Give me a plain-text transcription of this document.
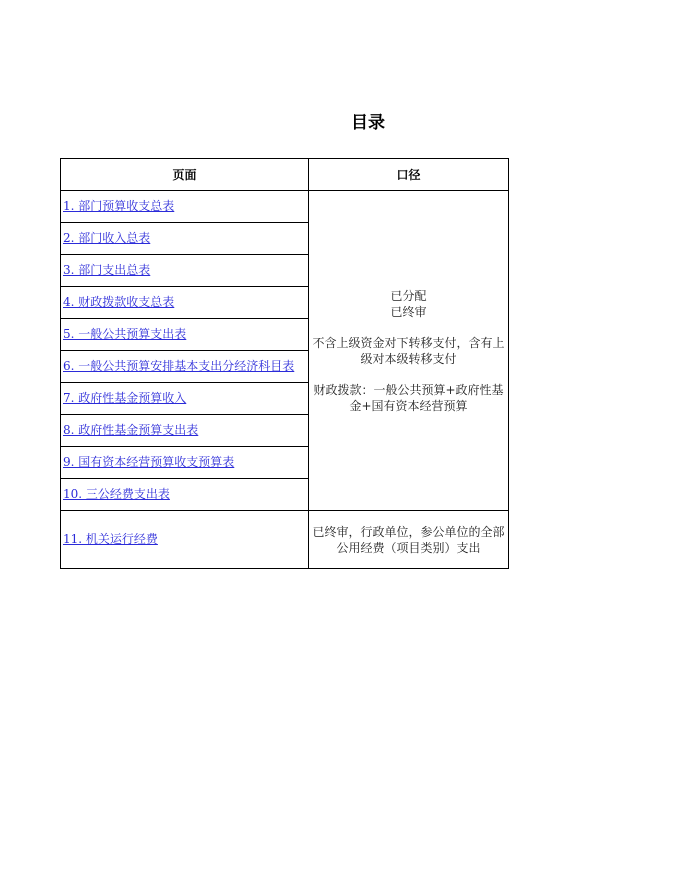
目录
页面	口径
1. 部门预算收支总表	已分配
已终审
不含上级资金对下转移支付，含有上级对本级转移支付
财政拨款：一般公共预算+政府性基金+国有资本经营预算

2. 部门收入总表	
3. 部门支出总表	
4. 财政拨款收支总表	
5. 一般公共预算支出表	
6. 一般公共预算安排基本支出分经济科目表	
7. 政府性基金预算收入	
8. 政府性基金预算支出表	
9. 国有资本经营预算收支预算表	
10. 三公经费支出表	
11. 机关运行经费	已终审，行政单位，参公单位的全部公用经费（项目类别）支出
